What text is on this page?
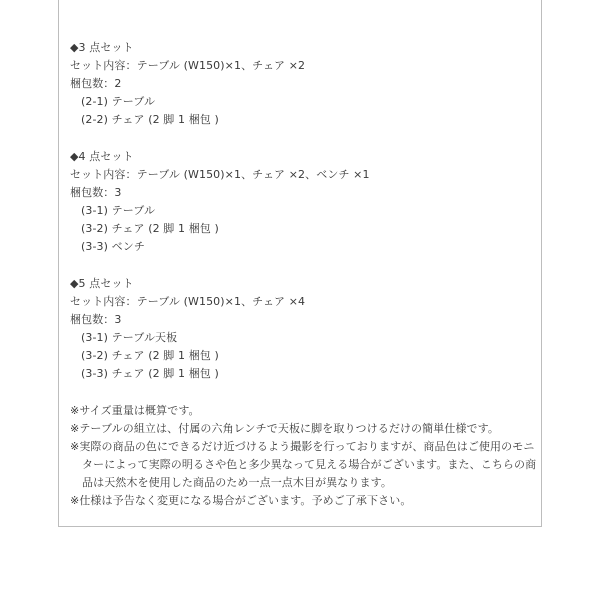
◆3 点セット
セット内容：テーブル (W150)×1、チェア ×2
梱包数：2
(2-1) テーブル
(2-2) チェア (2 脚 1 梱包 )
◆4 点セット
セット内容：テーブル (W150)×1、チェア ×2、ベンチ ×1
梱包数：3
(3-1) テーブル
(3-2) チェア (2 脚 1 梱包 )
(3-3) ベンチ
◆5 点セット
セット内容：テーブル (W150)×1、チェア ×4
梱包数：3
(3-1) テーブル天板
(3-2) チェア (2 脚 1 梱包 )
(3-3) チェア (2 脚 1 梱包 )
※サイズ重量は概算です。
※テーブルの組立は、付属の六角レンチで天板に脚を取りつけるだけの簡単仕様です。
※実際の商品の色にできるだけ近づけるよう撮影を行っておりますが、商品色はご使用のモニ
ターによって実際の明るさや色と多少異なって見える場合がございます。また、こちらの商
品は天然木を使用した商品のため一点一点木目が異なります。
※仕様は予告なく変更になる場合がございます。予めご了承下さい。
